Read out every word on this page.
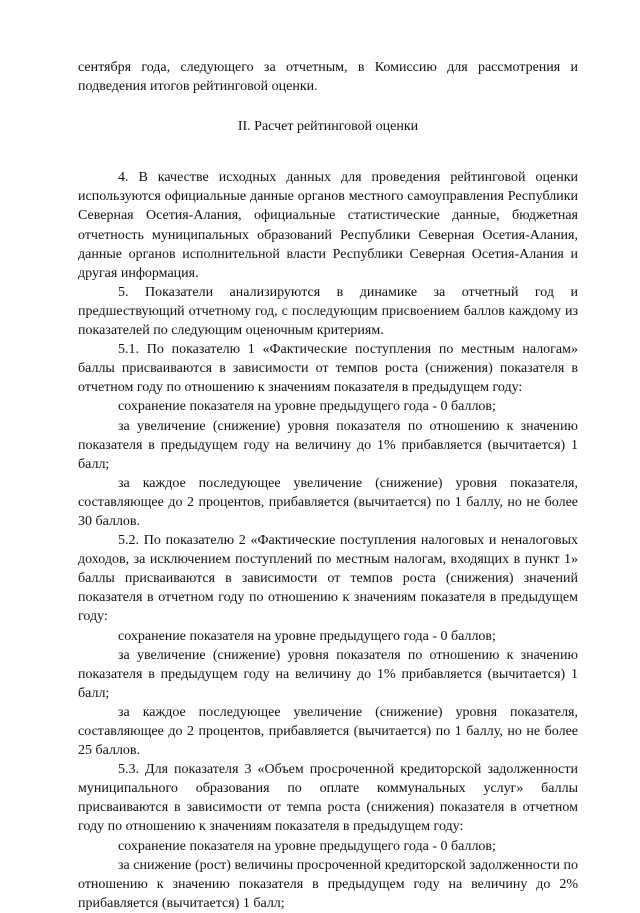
сентября года, следующего за отчетным, в Комиссию для рассмотрения и подведения итогов рейтинговой оценки.

II. Расчет рейтинговой оценки

4. В качестве исходных данных для проведения рейтинговой оценки используются официальные данные органов местного самоуправления Республики Северная Осетия-Алания, официальные статистические данные, бюджетная отчетность муниципальных образований Республики Северная Осетия-Алания, данные органов исполнительной власти Республики Северная Осетия-Алания и другая информация.

5. Показатели анализируются в динамике за отчетный год и предшествующий отчетному год, с последующим присвоением баллов каждому из показателей по следующим оценочным критериям.

5.1. По показателю 1 «Фактические поступления по местным налогам» баллы присваиваются в зависимости от темпов роста (снижения) показателя в отчетном году по отношению к значениям показателя в предыдущем году:

сохранение показателя на уровне предыдущего года - 0 баллов;

за увеличение (снижение) уровня показателя по отношению к значению показателя в предыдущем году на величину до 1% прибавляется (вычитается) 1 балл;

за каждое последующее увеличение (снижение) уровня показателя, составляющее до 2 процентов, прибавляется (вычитается) по 1 баллу, но не более 30 баллов.

5.2. По показателю 2 «Фактические поступления налоговых и неналоговых доходов, за исключением поступлений по местным налогам, входящих в пункт 1» баллы присваиваются в зависимости от темпов роста (снижения) значений показателя в отчетном году по отношению к значениям показателя в предыдущем году:

сохранение показателя на уровне предыдущего года - 0 баллов;

за увеличение (снижение) уровня показателя по отношению к значению показателя в предыдущем году на величину до 1% прибавляется (вычитается) 1 балл;

за каждое последующее увеличение (снижение) уровня показателя, составляющее до 2 процентов, прибавляется (вычитается) по 1 баллу, но не более 25 баллов.

5.3. Для показателя 3 «Объем просроченной кредиторской задолженности муниципального образования по оплате коммунальных услуг» баллы присваиваются в зависимости от темпа роста (снижения) показателя в отчетном году по отношению к значениям показателя в предыдущем году:

сохранение показателя на уровне предыдущего года - 0 баллов;

за снижение (рост) величины просроченной кредиторской задолженности по отношению к значению показателя в предыдущем году на величину до 2% прибавляется (вычитается) 1 балл;
